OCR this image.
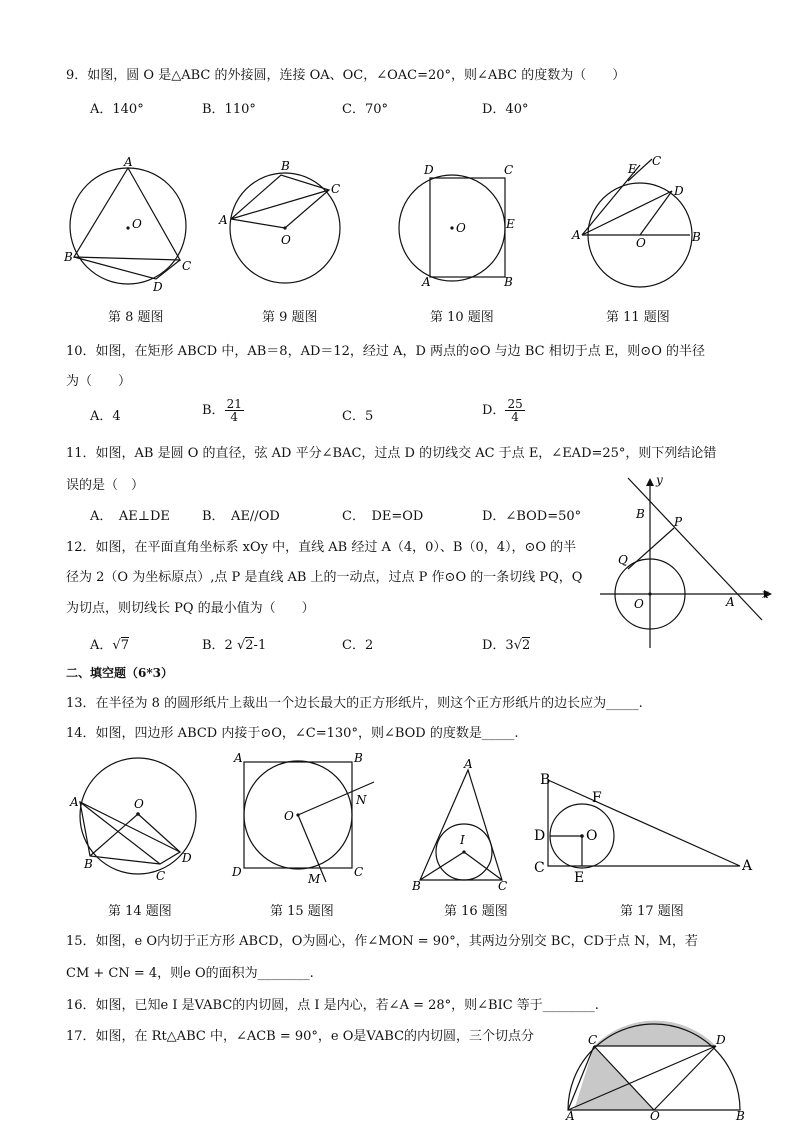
9．如图，圆 O 是△ABC 的外接圆，连接 OA、OC，∠OAC=20°，则∠ABC 的度数为（　　）
A．140°	B．110°	C．70°	D．40°
A
B
C
D
O
B
C
A
O
D	C
E
A	B
O
E
C
D
A
O	B
第 8 题图	第 9 题图	第 10 题图	第 11 题图
10．如图，在矩形 ABCD 中，AB＝8，AD＝12，经过 A，D 两点的⊙O 与边 BC 相切于点 E，则⊙O 的半径
为（　　）
A．4	B． $\frac{21}{4}$	C．5	D． $\frac{25}{4}$
11．如图，AB 是圆 O 的直径，弦 AD 平分∠BAC，过点 D 的切线交 AC 于点 E，∠EAD=25°，则下列结论错
误的是（　）
A．　AE⊥DE B．　AE//OD	C．　DE=OD	D．∠BOD=50°
12．如图，在平面直角坐标系 xOy 中，直线 AB 经过 A（4，0）、B（0，4），⊙O 的半
径为 2（O 为坐标原点）,点 P 是直线 AB 上的一动点，过点 P 作⊙O 的一条切线 PQ，Q
为切点，则切线长 PQ 的最小值为（　　）
A．√7	B．2 √2-1	C．2	D．3√2
y
x
B
P
Q
O	A
二、填空题（6*3）
13．在半径为 8 的圆形纸片上裁出一个边长最大的正方形纸片，则这个正方形纸片的边长应为_____.
14．如图，四边形 ABCD 内接于⊙O，∠C=130°，则∠BOD 的度数是_____.
O
A
B
C
D
A	B
C
D
O
N
M
A
I
B	C
B
F
D	O
C
E
A
第 14 题图	第 15 题图	第 16 题图	第 17 题图
15．如图，e O内切于正方形 ABCD，O为圆心，作∠MON = 90°，其两边分别交 BC，CD于点 N，M，若
CM + CN = 4，则e O的面积为________.
16．如图，已知e I 是VABC的内切圆，点 I 是内心，若∠A = 28°，则∠BIC 等于________.
17．如图，在 Rt△ABC 中，∠ACB = 90°，e O是VABC的内切圆，三个切点分	C	D
A	O	B
